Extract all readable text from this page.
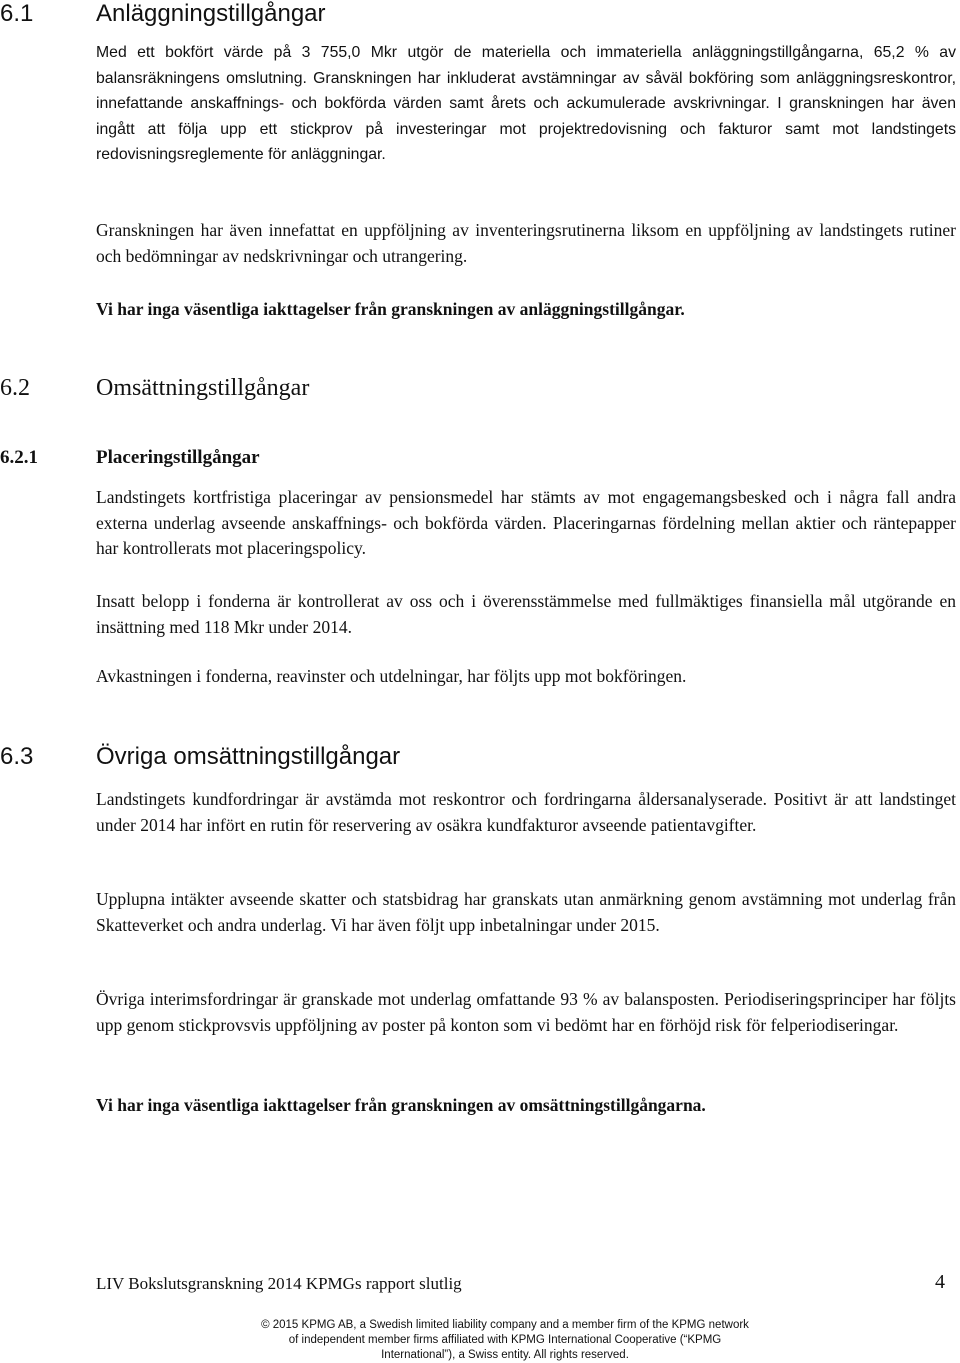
6.1	Anläggningstillgångar

Med ett bokfört värde på 3 755,0 Mkr utgör de materiella och immateriella anläggningstillgångarna, 65,2 % av balansräkningens omslutning. Granskningen har inkluderat avstämningar av såväl bokföring som anläggningsreskontror, innefattande anskaffnings- och bokförda värden samt årets och ackumulerade avskrivningar. I granskningen har även ingått att följa upp ett stickprov på investeringar mot projektredovisning och fakturor samt mot landstingets redovisningsreglemente för anläggningar.

Granskningen har även innefattat en uppföljning av inventeringsrutinerna liksom en uppföljning av landstingets rutiner och bedömningar av nedskrivningar och utrangering.

Vi har inga väsentliga iakttagelser från granskningen av anläggningstillgångar.

6.2	Omsättningstillgångar
6.2.1	Placeringstillgångar

Landstingets kortfristiga placeringar av pensionsmedel har stämts av mot engagemangsbesked och i några fall andra externa underlag avseende anskaffnings- och bokförda värden. Placeringarnas fördelning mellan aktier och räntepapper har kontrollerats mot placeringspolicy.

Insatt belopp i fonderna är kontrollerat av oss och i överensstämmelse med fullmäktiges finansiella mål utgörande en insättning med 118 Mkr under 2014.

Avkastningen i fonderna, reavinster och utdelningar, har följts upp mot bokföringen.

6.3	Övriga omsättningstillgångar

Landstingets kundfordringar är avstämda mot reskontror och fordringarna åldersanalyserade. Positivt är att landstinget under 2014 har infört en rutin för reservering av osäkra kundfakturor avseende patientavgifter.

Upplupna intäkter avseende skatter och statsbidrag har granskats utan anmärkning genom avstämning mot underlag från Skatteverket och andra underlag. Vi har även följt upp inbetalningar under 2015.

Övriga interimsfordringar är granskade mot underlag omfattande 93 % av balansposten. Periodiseringsprinciper har följts upp genom stickprovsvis uppföljning av poster på konton som vi bedömt har en förhöjd risk för felperiodiseringar.

Vi har inga väsentliga iakttagelser från granskningen av omsättningstillgångarna.

LIV Bokslutsgranskning 2014 KPMGs rapport slutlig	4

© 2015 KPMG AB, a Swedish limited liability company and a member firm of the KPMG network of independent member firms affiliated with KPMG International Cooperative (“KPMG International”), a Swiss entity. All rights reserved.
